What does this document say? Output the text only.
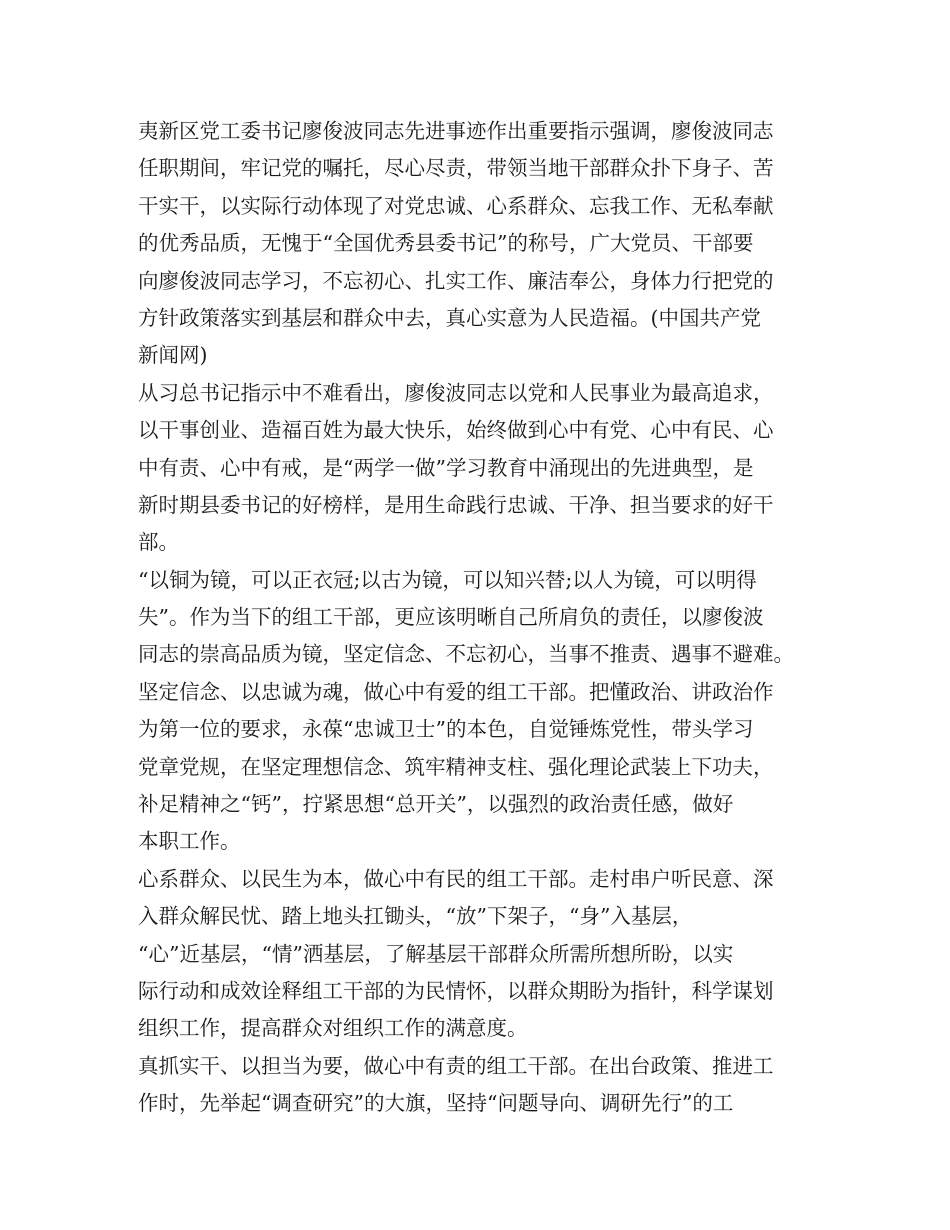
夷新区党工委书记廖俊波同志先进事迹作出重要指示强调，廖俊波同志
任职期间，牢记党的嘱托，尽心尽责，带领当地干部群众扑下身子、苦
干实干，以实际行动体现了对党忠诚、心系群众、忘我工作、无私奉献
的优秀品质，无愧于“全国优秀县委书记”的称号，广大党员、干部要
向廖俊波同志学习，不忘初心、扎实工作、廉洁奉公，身体力行把党的
方针政策落实到基层和群众中去，真心实意为人民造福。(中国共产党
新闻网)
从习总书记指示中不难看出，廖俊波同志以党和人民事业为最高追求，
以干事创业、造福百姓为最大快乐，始终做到心中有党、心中有民、心
中有责、心中有戒，是“两学一做”学习教育中涌现出的先进典型，是
新时期县委书记的好榜样，是用生命践行忠诚、干净、担当要求的好干
部。
“以铜为镜，可以正衣冠;以古为镜，可以知兴替;以人为镜，可以明得
失”。作为当下的组工干部，更应该明晰自己所肩负的责任，以廖俊波
同志的崇高品质为镜，坚定信念、不忘初心，当事不推责、遇事不避难。
坚定信念、以忠诚为魂，做心中有爱的组工干部。把懂政治、讲政治作
为第一位的要求，永葆“忠诚卫士”的本色，自觉锤炼党性，带头学习
党章党规，在坚定理想信念、筑牢精神支柱、强化理论武装上下功夫，
补足精神之“钙”，拧紧思想“总开关”，以强烈的政治责任感，做好
本职工作。
心系群众、以民生为本，做心中有民的组工干部。走村串户听民意、深
入群众解民忧、踏上地头扛锄头，“放”下架子，“身”入基层，
“心”近基层，“情”洒基层，了解基层干部群众所需所想所盼，以实
际行动和成效诠释组工干部的为民情怀，以群众期盼为指针，科学谋划
组织工作，提高群众对组织工作的满意度。
真抓实干、以担当为要，做心中有责的组工干部。在出台政策、推进工
作时，先举起“调查研究”的大旗，坚持“问题导向、调研先行”的工
